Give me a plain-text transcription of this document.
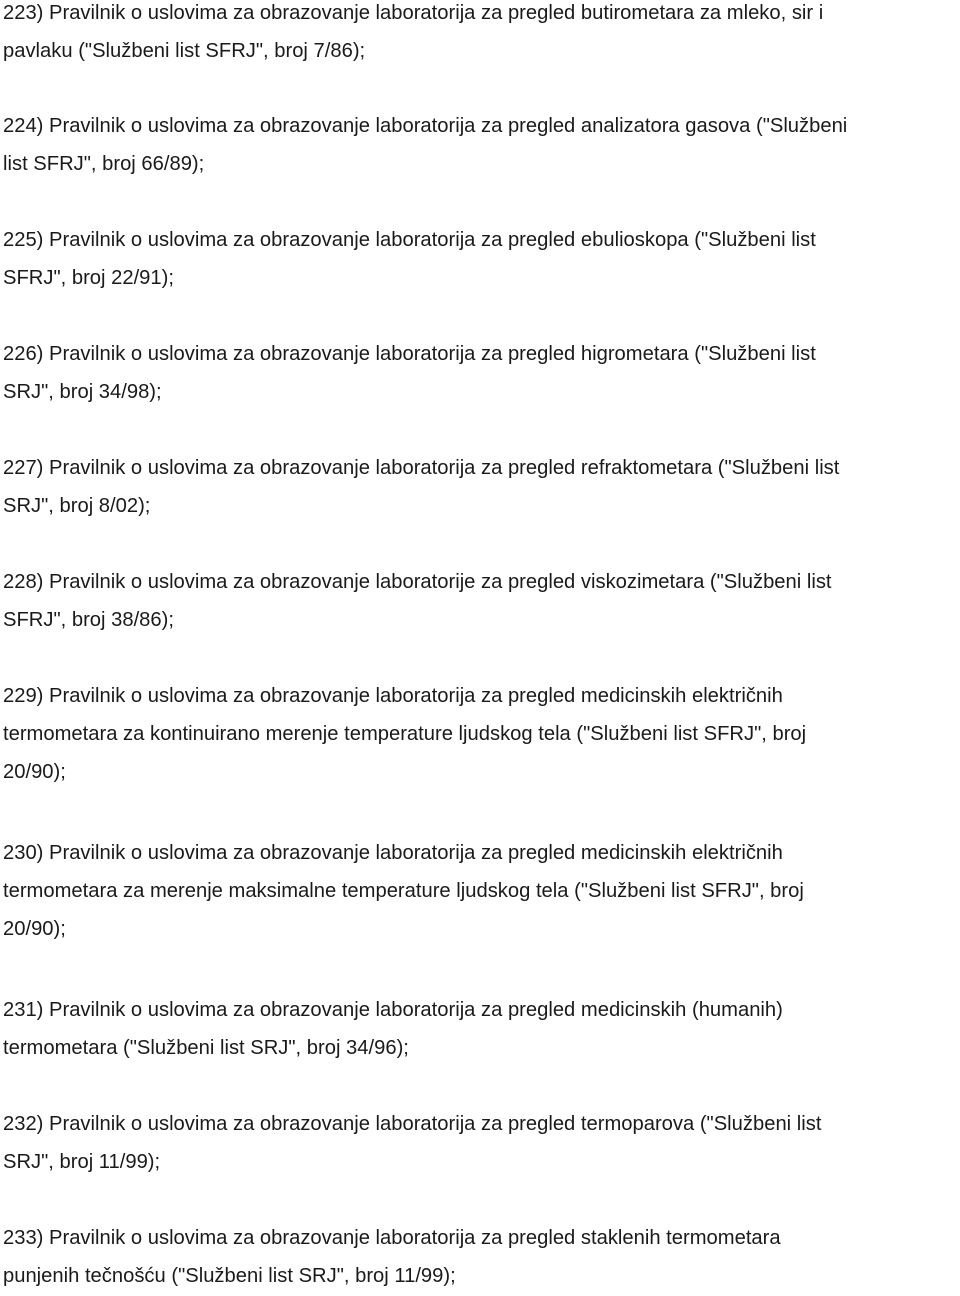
223) Pravilnik o uslovima za obrazovanje laboratorija za pregled butirometara za mleko, sir i
pavlaku ("Službeni list SFRJ", broj 7/86);

224) Pravilnik o uslovima za obrazovanje laboratorija za pregled analizatora gasova ("Službeni
list SFRJ", broj 66/89);

225) Pravilnik o uslovima za obrazovanje laboratorija za pregled ebulioskopa ("Službeni list
SFRJ", broj 22/91);

226) Pravilnik o uslovima za obrazovanje laboratorija za pregled higrometara ("Službeni list
SRJ", broj 34/98);

227) Pravilnik o uslovima za obrazovanje laboratorija za pregled refraktometara ("Službeni list
SRJ", broj 8/02);

228) Pravilnik o uslovima za obrazovanje laboratorije za pregled viskozimetara ("Službeni list
SFRJ", broj 38/86);

229) Pravilnik o uslovima za obrazovanje laboratorija za pregled medicinskih električnih
termometara za kontinuirano merenje temperature ljudskog tela ("Službeni list SFRJ", broj
20/90);

230) Pravilnik o uslovima za obrazovanje laboratorija za pregled medicinskih električnih
termometara za merenje maksimalne temperature ljudskog tela ("Službeni list SFRJ", broj
20/90);

231) Pravilnik o uslovima za obrazovanje laboratorija za pregled medicinskih (humanih)
termometara ("Službeni list SRJ", broj 34/96);

232) Pravilnik o uslovima za obrazovanje laboratorija za pregled termoparova ("Službeni list
SRJ", broj 11/99);

233) Pravilnik o uslovima za obrazovanje laboratorija za pregled staklenih termometara
punjenih tečnošću ("Službeni list SRJ", broj 11/99);
